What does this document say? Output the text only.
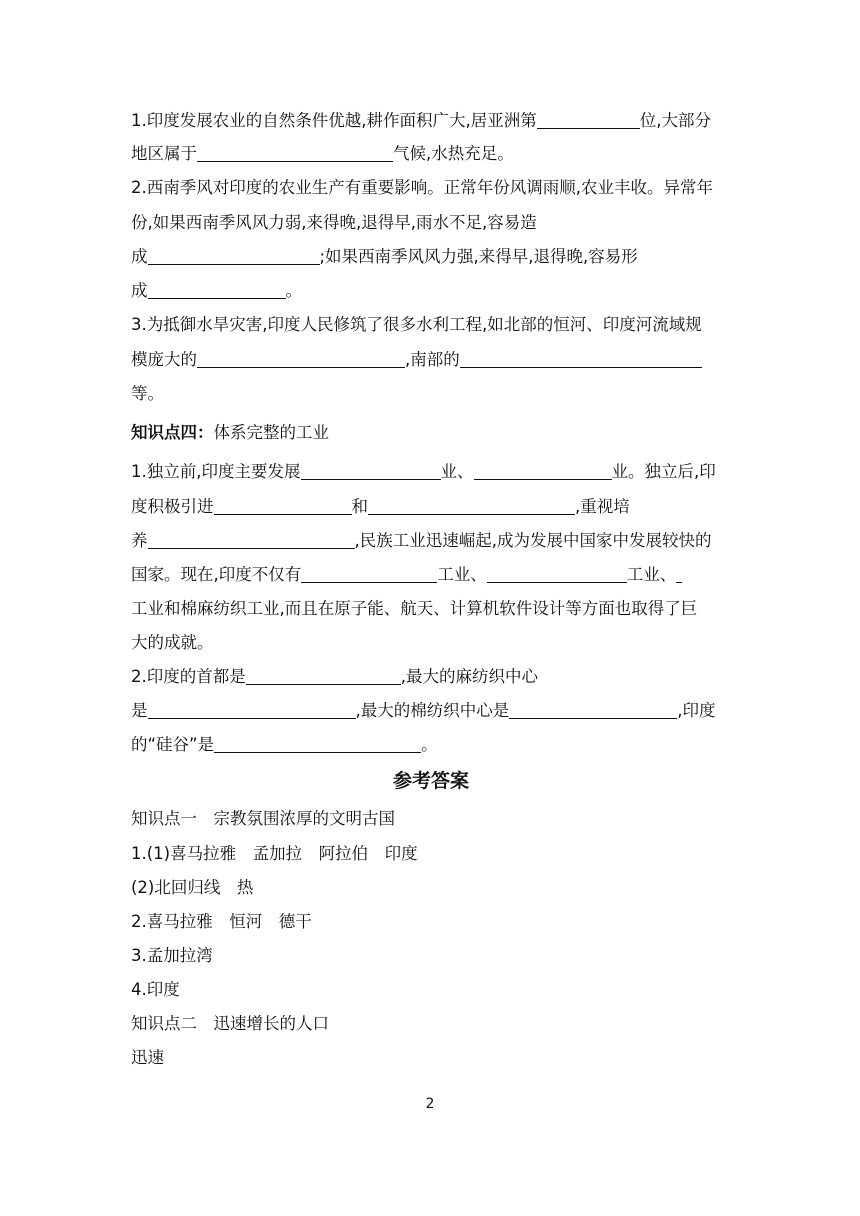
1.印度发展农业的自然条件优越,耕作面积广大,居亚洲第	位,大部分
地区属于	气候,水热充足。
2.西南季风对印度的农业生产有重要影响。正常年份风调雨顺,农业丰收。异常年
份,如果西南季风风力弱,来得晚,退得早,雨水不足,容易造
成	;如果西南季风风力强,来得早,退得晚,容易形
成	。
3.为抵御水旱灾害,印度人民修筑了很多水利工程,如北部的恒河、印度河流域规
模庞大的	,南部的
等。
知识点四：体系完整的工业
1.独立前,印度主要发展	业、	业。独立后,印
度积极引进	和	,重视培
养	,民族工业迅速崛起,成为发展中国家中发展较快的
国家。现在,印度不仅有	工业、	工业、
工业和棉麻纺织工业,而且在原子能、航天、计算机软件设计等方面也取得了巨
大的成就。
2.印度的首都是	,最大的麻纺织中心
是	,最大的棉纺织中心是	,印度
的“硅谷”是	。
参考答案
知识点一　宗教氛围浓厚的文明古国
1.(1)喜马拉雅　孟加拉　阿拉伯　印度
(2)北回归线　热
2.喜马拉雅　恒河　德干
3.孟加拉湾
4.印度
知识点二　迅速增长的人口
迅速
2
